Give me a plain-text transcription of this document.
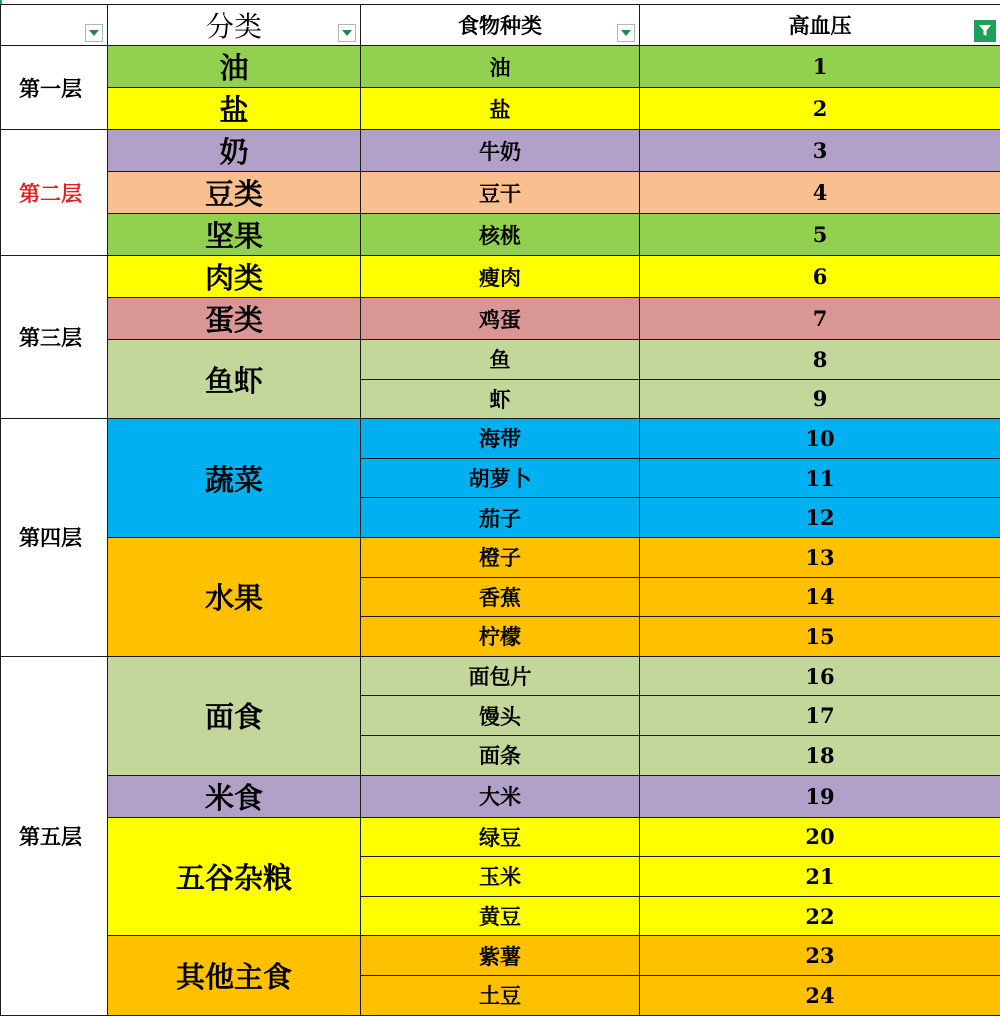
	分类	食物种类	高血压

第一层	油	油	1
	盐	盐	2
第二层	奶	牛奶	3
	豆类	豆干	4
	坚果	核桃	5
第三层	肉类	瘦肉	6
	蛋类	鸡蛋	7
	鱼虾	鱼	8
		虾	9
第四层	蔬菜	海带	10
		胡萝卜	11
		茄子	12
	水果	橙子	13
		香蕉	14
		柠檬	15
第五层	面食	面包片	16
		馒头	17
		面条	18
	米食	大米	19
	五谷杂粮	绿豆	20
		玉米	21
		黄豆	22
	其他主食	紫薯	23
		土豆	24
